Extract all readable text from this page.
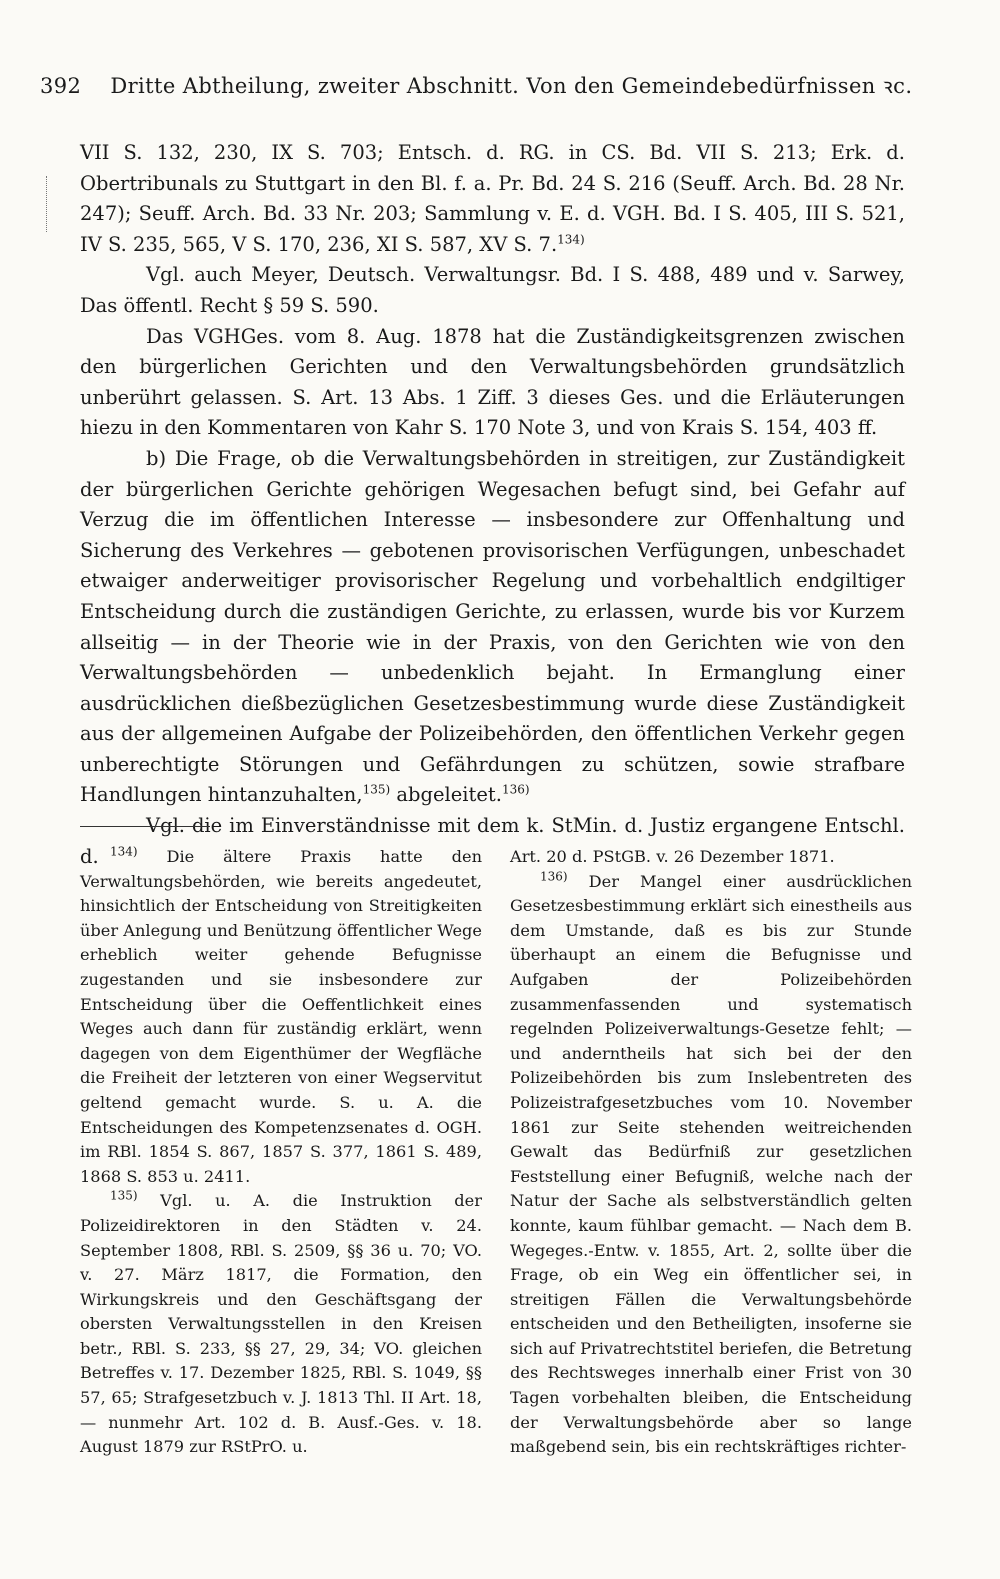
392 Dritte Abtheilung, zweiter Abschnitt. Von den Gemeindebedürfnissen ꝛc.

VII S. 132, 230, IX S. 703; Entsch. d. RG. in CS. Bd. VII S. 213; Erk. d. Obertribunals zu Stuttgart in den Bl. f. a. Pr. Bd. 24 S. 216 (Seuff. Arch. Bd. 28 Nr. 247); Seuff. Arch. Bd. 33 Nr. 203; Sammlung v. E. d. VGH. Bd. I S. 405, III S. 521, IV S. 235, 565, V S. 170, 236, XI S. 587, XV S. 7.$^{134)}$

Vgl. auch Meyer, Deutsch. Verwaltungsr. Bd. I S. 488, 489 und v. Sarwey, Das öffentl. Recht § 59 S. 590.

Das VGHGes. vom 8. Aug. 1878 hat die Zuständigkeitsgrenzen zwischen den bürgerlichen Gerichten und den Verwaltungsbehörden grundsätzlich unberührt gelassen. S. Art. 13 Abs. 1 Ziff. 3 dieses Ges. und die Erläuterungen hiezu in den Kommentaren von Kahr S. 170 Note 3, und von Krais S. 154, 403 ff.

b) Die Frage, ob die Verwaltungsbehörden in streitigen, zur Zuständigkeit der bürgerlichen Gerichte gehörigen Wegesachen befugt sind, bei Gefahr auf Verzug die im öffentlichen Interesse — insbesondere zur Offenhaltung und Sicherung des Verkehres — gebotenen provisorischen Verfügungen, unbeschadet etwaiger anderweitiger provisorischer Regelung und vorbehaltlich endgiltiger Entscheidung durch die zuständigen Gerichte, zu erlassen, wurde bis vor Kurzem allseitig — in der Theorie wie in der Praxis, von den Gerichten wie von den Verwaltungsbehörden — unbedenklich bejaht. In Ermanglung einer ausdrücklichen dießbezüglichen Gesetzesbestimmung wurde diese Zuständigkeit aus der allgemeinen Aufgabe der Polizeibehörden, den öffentlichen Verkehr gegen unberechtigte Störungen und Gefährdungen zu schützen, sowie strafbare Handlungen hintanzuhalten,$^{135)}$ abgeleitet.$^{136)}$

Vgl. die im Einverständnisse mit dem k. StMin. d. Justiz ergangene Entschl. d. $^{134)}$ Die ältere Praxis hatte den Verwaltungsbehörden, wie bereits angedeutet, hinsichtlich der Entscheidung von Streitigkeiten über Anlegung und Benützung öffentlicher Wege erheblich weiter gehende Befugnisse zugestanden und sie insbesondere zur Entscheidung über die Oeffentlichkeit eines Weges auch dann für zuständig erklärt, wenn dagegen von dem Eigenthümer der Wegfläche die Freiheit der letzteren von einer Wegservitut geltend gemacht wurde. S. u. A. die Entscheidungen des Kompetenzsenates d. OGH. im RBl. 1854 S. 867, 1857 S. 377, 1861 S. 489, 1868 S. 853 u. 2411.

$^{135)}$ Vgl. u. A. die Instruktion der Polizeidirektoren in den Städten v. 24. September 1808, RBl. S. 2509, §§ 36 u. 70; VO. v. 27. März 1817, die Formation, den Wirkungskreis und den Geschäftsgang der obersten Verwaltungsstellen in den Kreisen betr., RBl. S. 233, §§ 27, 29, 34; VO. gleichen Betreffes v. 17. Dezember 1825, RBl. S. 1049, §§ 57, 65; Strafgesetzbuch v. J. 1813 Thl. II Art. 18, — nunmehr Art. 102 d. B. Ausf.-Ges. v. 18. August 1879 zur RStPrO. u.

Art. 20 d. PStGB. v. 26 Dezember 1871.

$^{136)}$ Der Mangel einer ausdrücklichen Gesetzesbestimmung erklärt sich einestheils aus dem Umstande, daß es bis zur Stunde überhaupt an einem die Befugnisse und Aufgaben der Polizeibehörden zusammenfassenden und systematisch regelnden Polizeiverwaltungs-Gesetze fehlt; — und anderntheils hat sich bei der den Polizeibehörden bis zum Inslebentreten des Polizeistrafgesetzbuches vom 10. November 1861 zur Seite stehenden weitreichenden Gewalt das Bedürfniß zur gesetzlichen Feststellung einer Befugniß, welche nach der Natur der Sache als selbstverständlich gelten konnte, kaum fühlbar gemacht. — Nach dem B. Wegeges.-Entw. v. 1855, Art. 2, sollte über die Frage, ob ein Weg ein öffentlicher sei, in streitigen Fällen die Verwaltungsbehörde entscheiden und den Betheiligten, insoferne sie sich auf Privatrechtstitel beriefen, die Betretung des Rechtsweges innerhalb einer Frist von 30 Tagen vorbehalten bleiben, die Entscheidung der Verwaltungsbehörde aber so lange maßgebend sein, bis ein rechtskräftiges richter-
